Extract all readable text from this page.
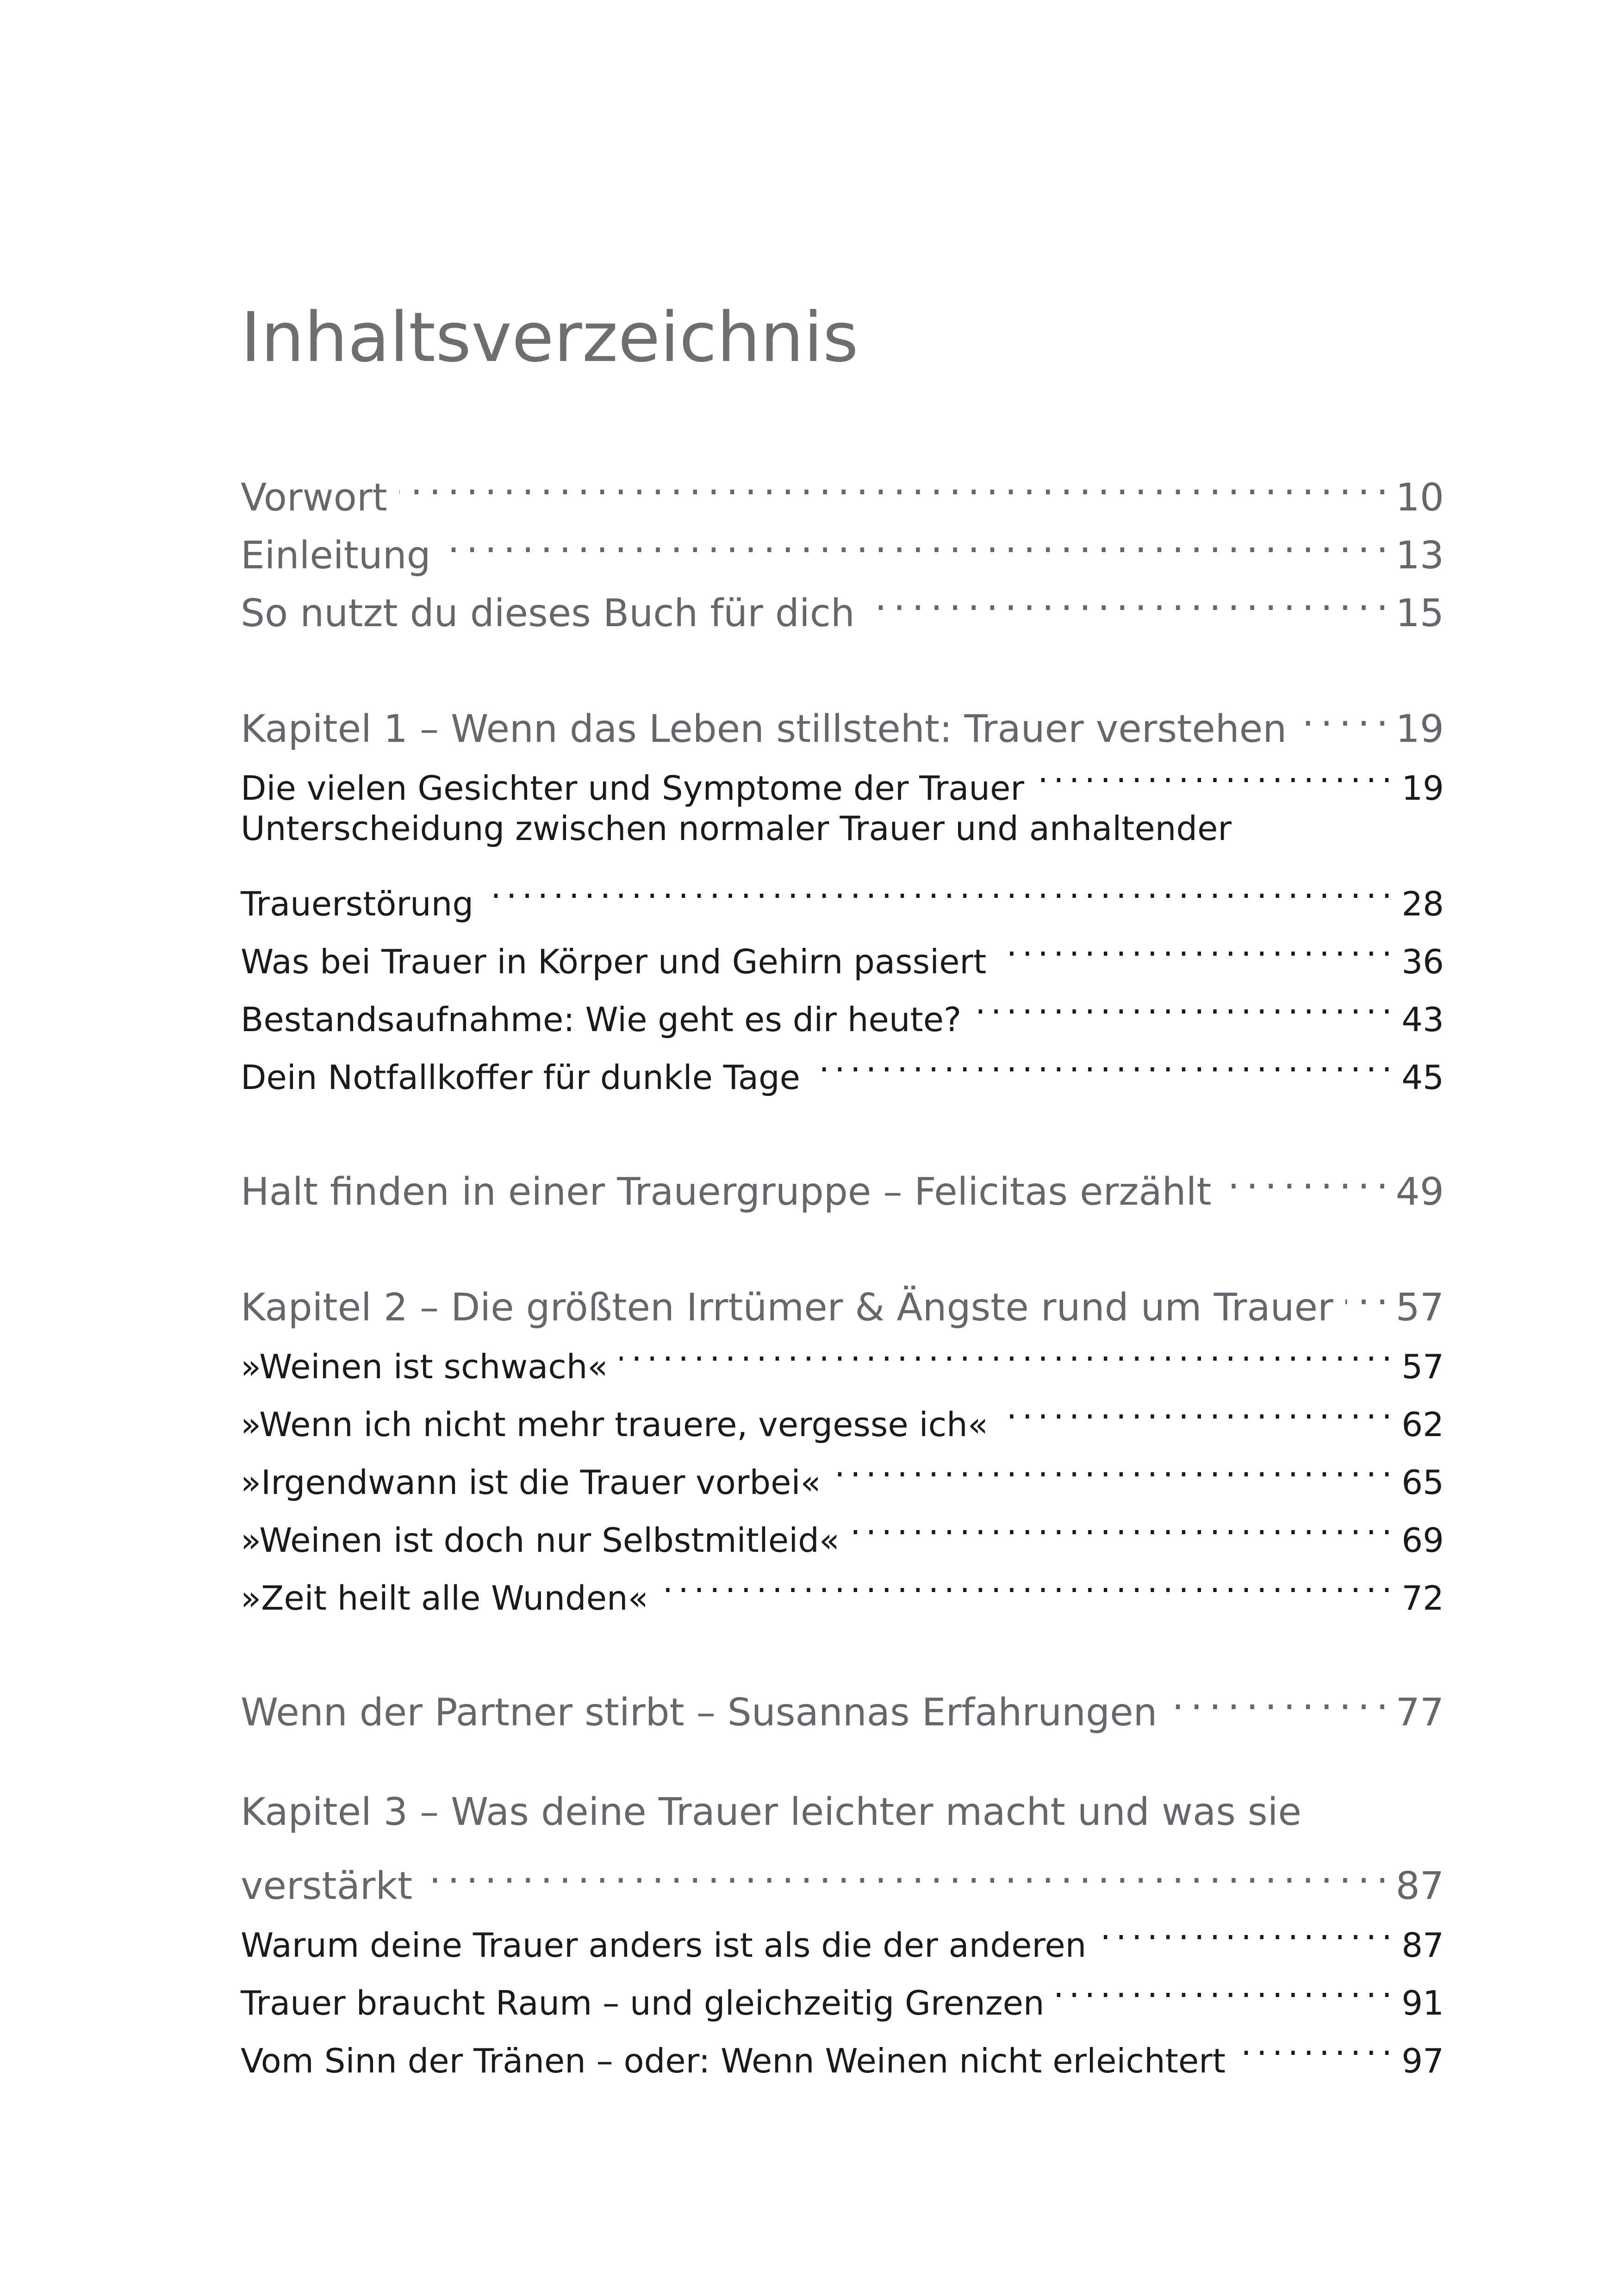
Inhaltsverzeichnis
Vorwort . . .	10
Einleitung . . .	13
So nutzt du dieses Buch für dich . . .	15
Kapitel 1 – Wenn das Leben stillsteht: Trauer verstehen . . .	19
Die vielen Gesichter und Symptome der Trauer . . .	19
Unterscheidung zwischen normaler Trauer und anhaltender
Trauerstörung . . .	28
Was bei Trauer in Körper und Gehirn passiert . . .	36
Bestandsaufnahme: Wie geht es dir heute? . . .	43
Dein Notfallkoffer für dunkle Tage . . .	45
Halt finden in einer Trauergruppe – Felicitas erzählt . . .	49
Kapitel 2 – Die größten Irrtümer & Ängste rund um Trauer . . . 57
»Weinen ist schwach« . . .	57
»Wenn ich nicht mehr trauere, vergesse ich« . . .	62
»Irgendwann ist die Trauer vorbei« . . .	65
»Weinen ist doch nur Selbstmitleid« . . .	69
»Zeit heilt alle Wunden« . . .	72
Wenn der Partner stirbt – Susannas Erfahrungen . . .	77
Kapitel 3 – Was deine Trauer leichter macht und was sie
verstärkt . . .	87
Warum deine Trauer anders ist als die der anderen . . .	87
Trauer braucht Raum – und gleichzeitig Grenzen . . .	91
Vom Sinn der Tränen – oder: Wenn Weinen nicht erleichtert . . .	97
